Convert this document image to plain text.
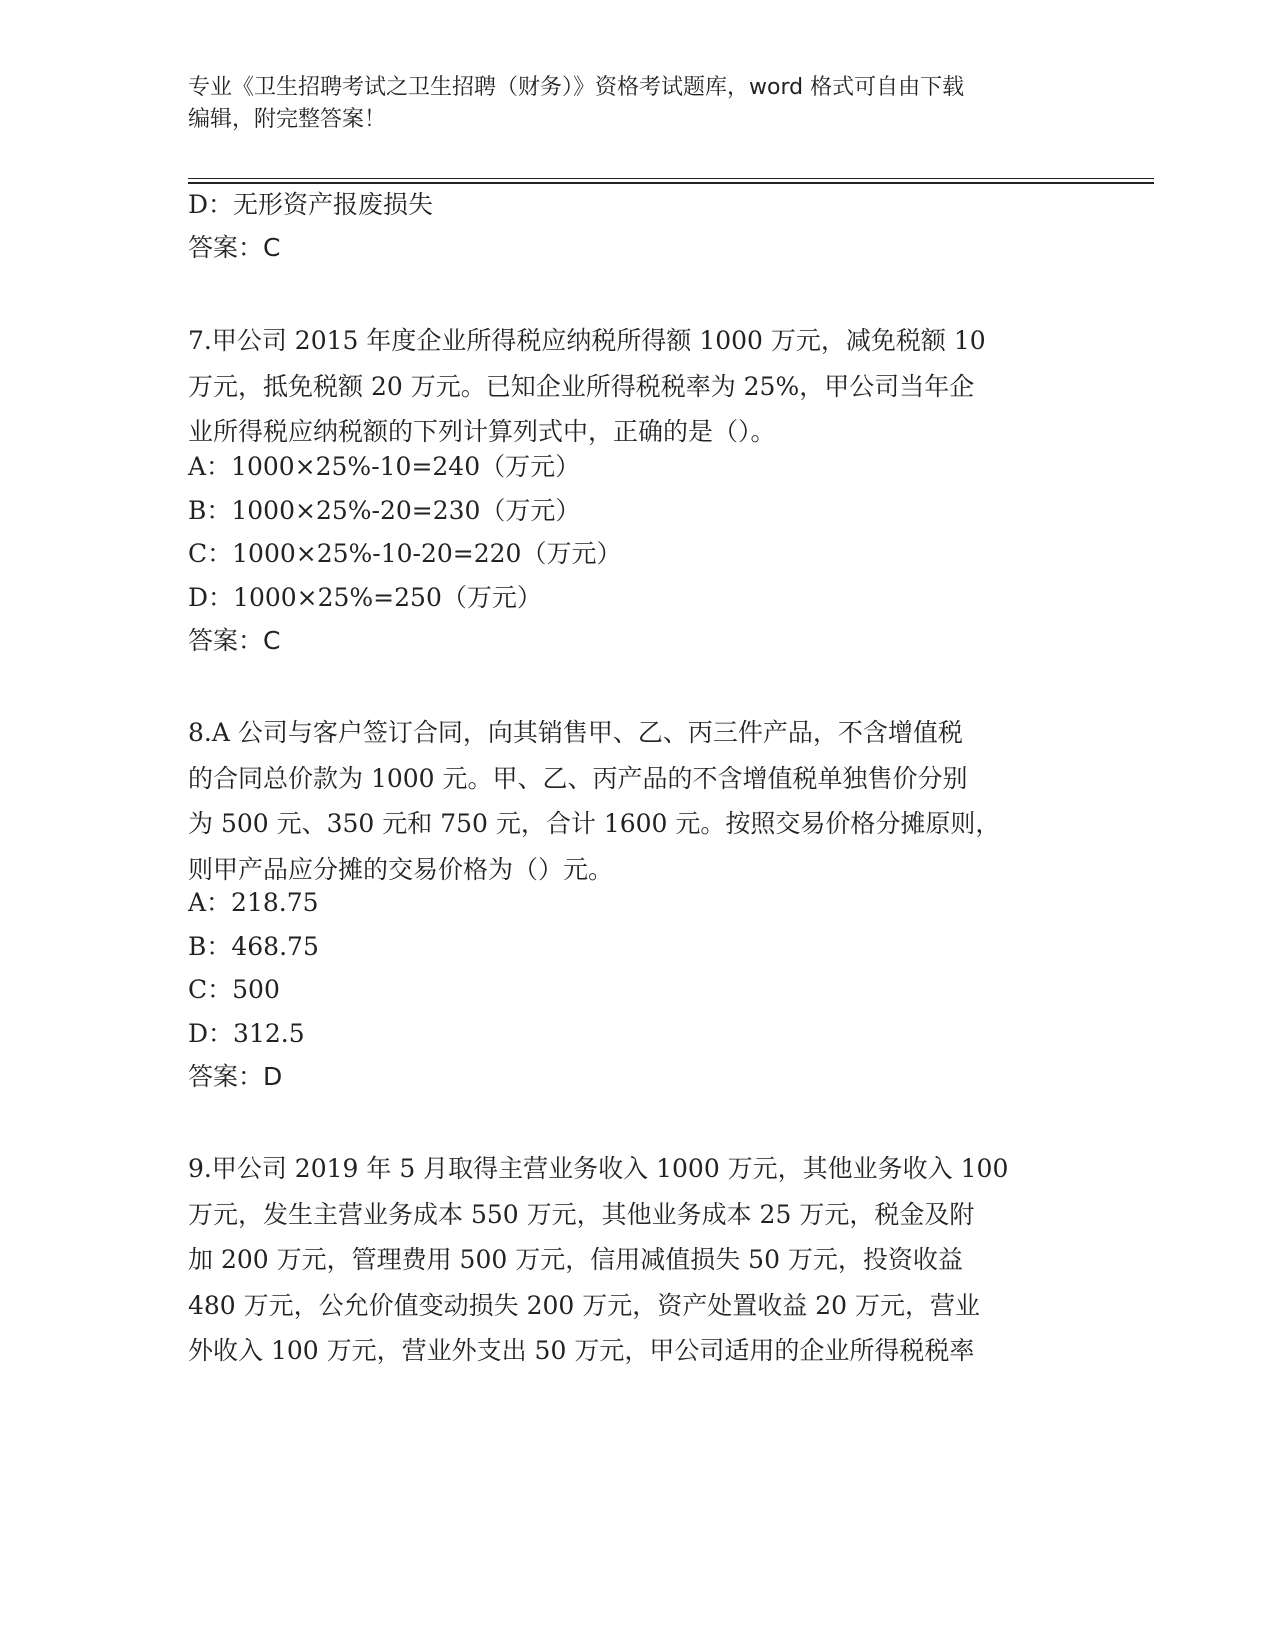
专业《卫生招聘考试之卫生招聘（财务）》资格考试题库，word 格式可自由下载
编辑，附完整答案！
D：无形资产报废损失
答案：C
7.甲公司 2015 年度企业所得税应纳税所得额 1000 万元，减免税额 10
万元，抵免税额 20 万元。已知企业所得税税率为 25%，甲公司当年企
业所得税应纳税额的下列计算列式中，正确的是（）。
A：1000×25%-10=240（万元）
B：1000×25%-20=230（万元）
C：1000×25%-10-20=220（万元）
D：1000×25%=250（万元）
答案：C
8.A 公司与客户签订合同，向其销售甲、乙、丙三件产品，不含增值税
的合同总价款为 1000 元。甲、乙、丙产品的不含增值税单独售价分别
为 500 元、350 元和 750 元，合计 1600 元。按照交易价格分摊原则，
则甲产品应分摊的交易价格为（）元。
A：218.75
B：468.75
C：500
D：312.5
答案：D
9.甲公司 2019 年 5 月取得主营业务收入 1000 万元，其他业务收入 100
万元，发生主营业务成本 550 万元，其他业务成本 25 万元，税金及附
加 200 万元，管理费用 500 万元，信用减值损失 50 万元，投资收益
480 万元，公允价值变动损失 200 万元，资产处置收益 20 万元，营业
外收入 100 万元，营业外支出 50 万元，甲公司适用的企业所得税税率
